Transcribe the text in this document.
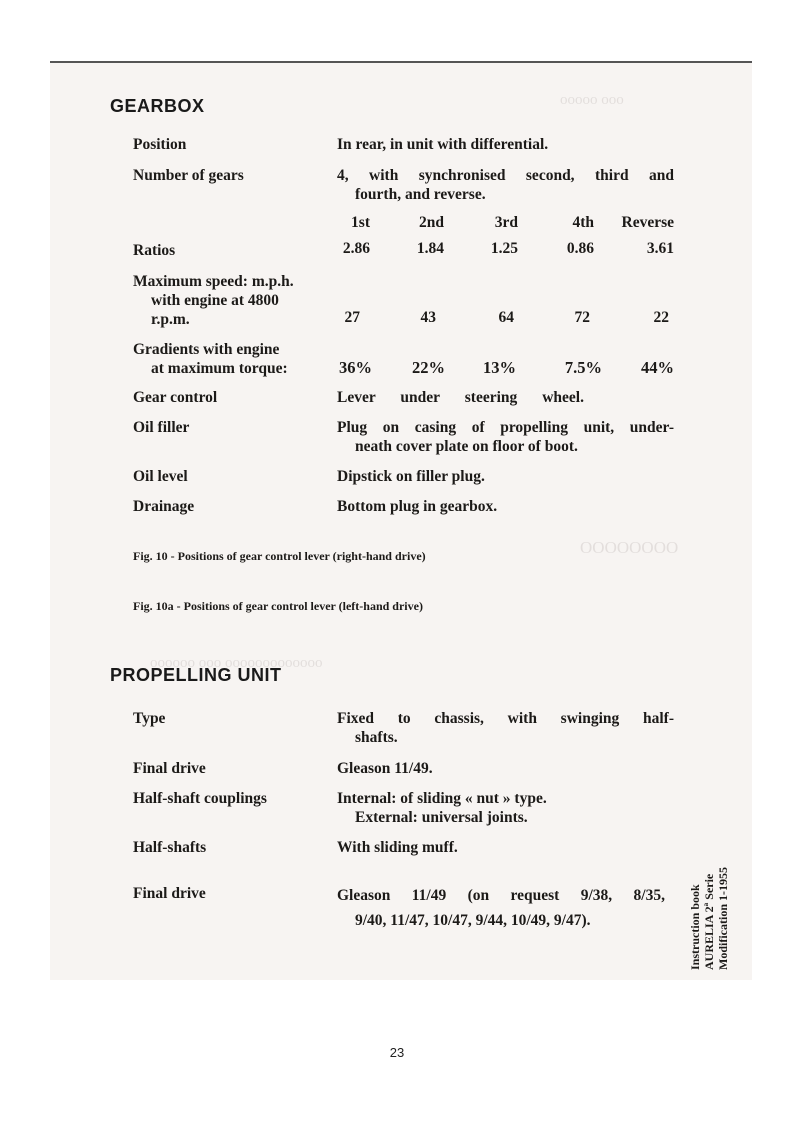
ooo ooooo
OOOOOOOO
ooooooooooooo ooo oooooo
GEARBOX
Position	In rear, in unit with differential.
Number of gears	4, with synchronised second, third and
fourth, and reverse.
1st	2nd	3rd	4th	Reverse
Ratios	2.86	1.84	1.25	0.86	3.61
Maximum speed: m.p.h.
with engine at 4800
r.p.m.	27	43	64	72	22
Gradients with engine
at maximum torque:	36%	22%	13%	7.5%	44%
Gear control	Lever under steering wheel.
Oil filler	Plug on casing of propelling unit, under-
neath cover plate on floor of boot.
Oil level	Dipstick on filler plug.
Drainage	Bottom plug in gearbox.
Fig. 10 - Positions of gear control lever (right-hand drive)
Fig. 10a - Positions of gear control lever (left-hand drive)
PROPELLING UNIT
Type	Fixed to chassis, with swinging half-
shafts.
Final drive	Gleason 11/49.
Half-shaft couplings	Internal: of sliding « nut » type.
External: universal joints.
Half-shafts	With sliding muff.
Final drive	Gleason 11/49 (on request 9/38, 8/35,
9/40, 11/47, 10/47, 9/44, 10/49, 9/47).	Instruction book AURELIA 2ª Serie Modification 1-1955
23
